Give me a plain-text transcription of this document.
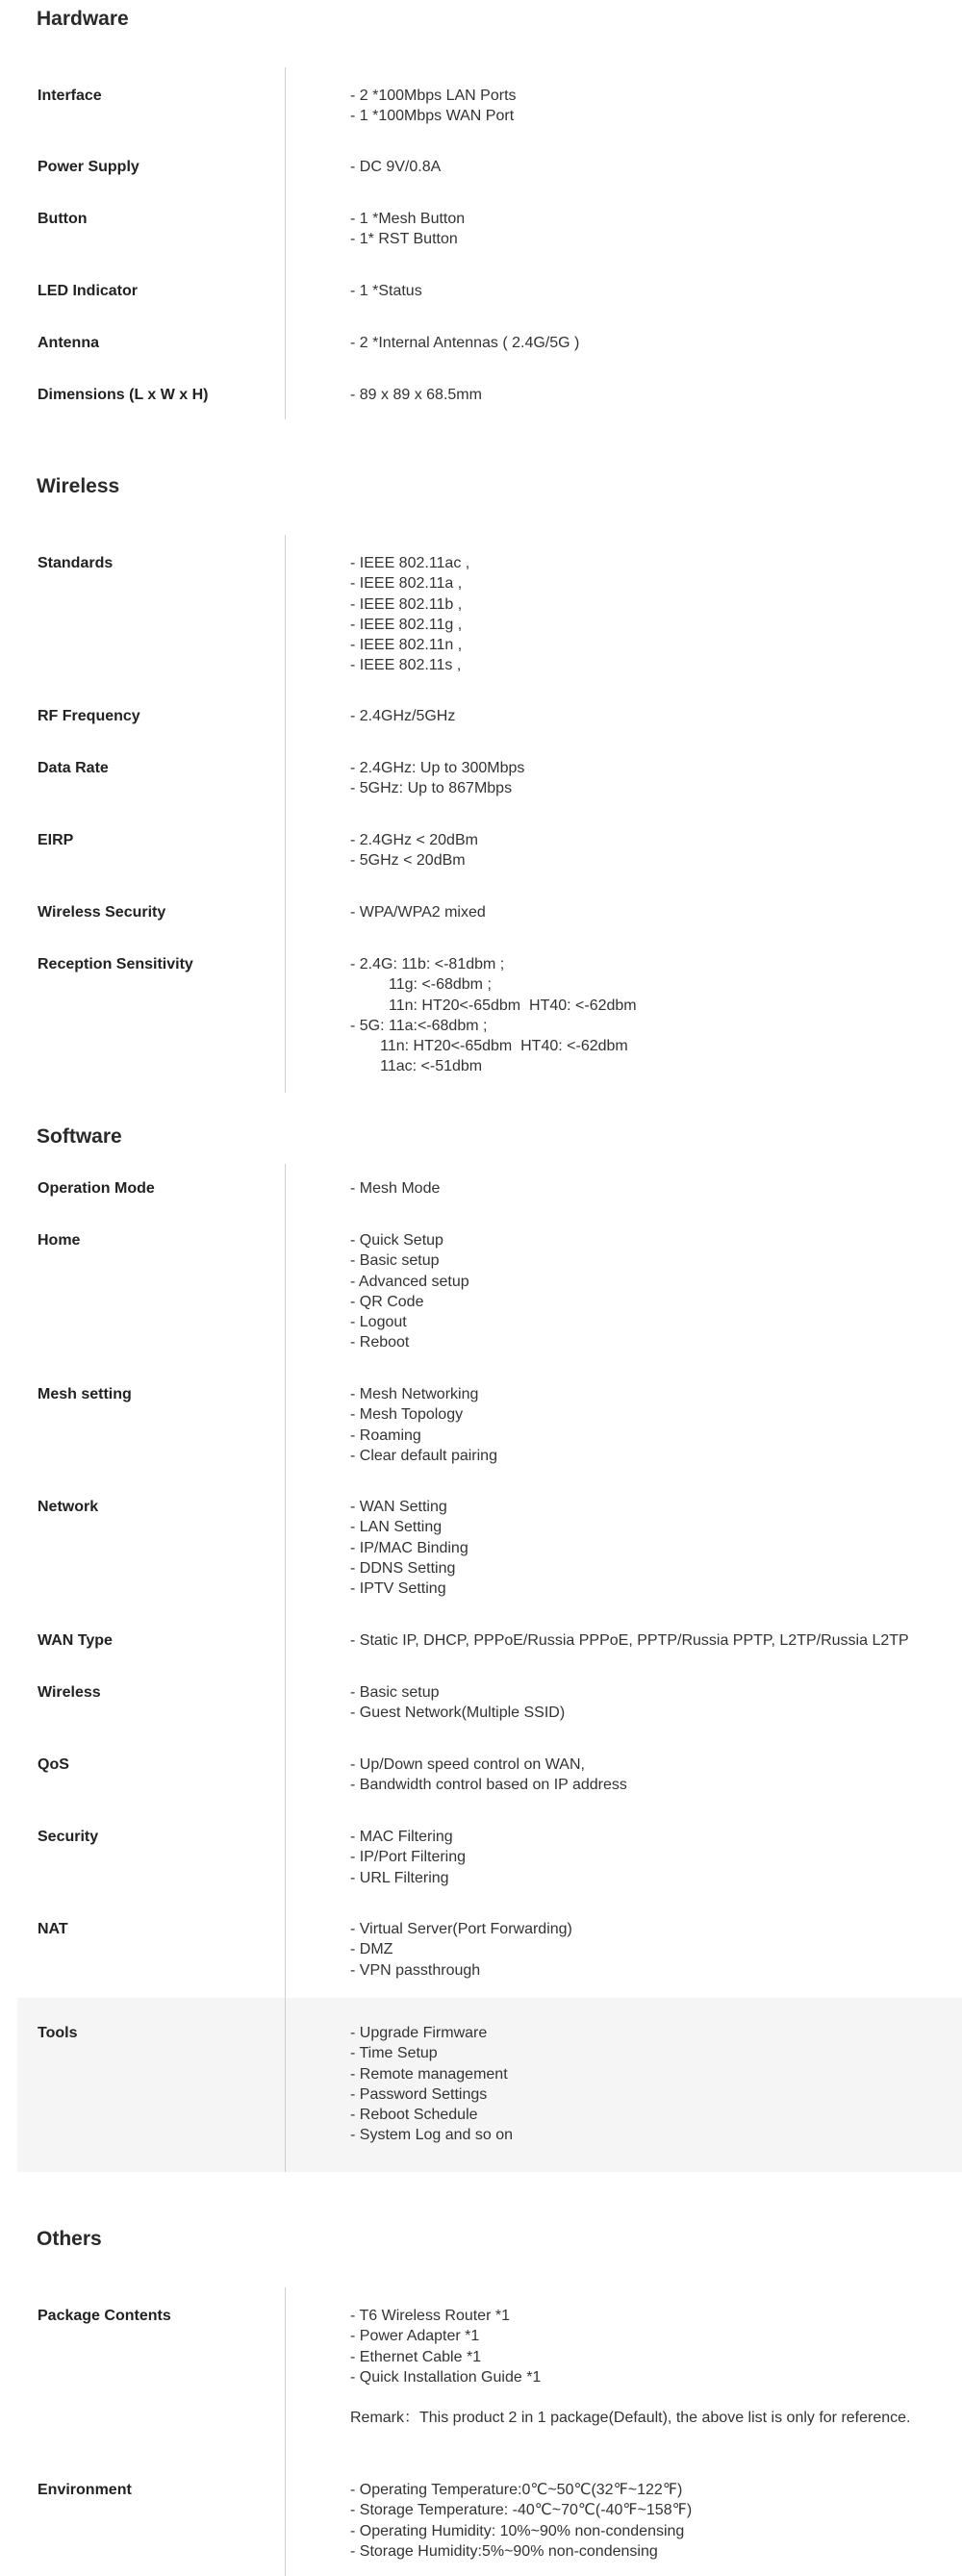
Hardware
Interface	- 2 *100Mbps LAN Ports
- 1 *100Mbps WAN Port
Power Supply	- DC 9V/0.8A
Button	- 1 *Mesh Button
- 1* RST Button
LED Indicator	- 1 *Status
Antenna	- 2 *Internal Antennas ( 2.4G/5G )
Dimensions (L x W x H)	- 89 x 89 x 68.5mm
Wireless
Standards	- IEEE 802.11ac ,
- IEEE 802.11a ,
- IEEE 802.11b ,
- IEEE 802.11g ,
- IEEE 802.11n ,
- IEEE 802.11s ,
RF Frequency	- 2.4GHz/5GHz
Data Rate	- 2.4GHz: Up to 300Mbps
- 5GHz: Up to 867Mbps
EIRP	- 2.4GHz < 20dBm
- 5GHz < 20dBm
Wireless Security	- WPA/WPA2 mixed
Reception Sensitivity	- 2.4G: 11b: <-81dbm ;
11g: <-68dbm ;
11n: HT20<-65dbm  HT40: <-62dbm
- 5G: 11a:<-68dbm ;
11n: HT20<-65dbm  HT40: <-62dbm
11ac: <-51dbm
Software
Operation Mode	- Mesh Mode
Home	- Quick Setup
- Basic setup
- Advanced setup
- QR Code
- Logout
- Reboot
Mesh setting	- Mesh Networking
- Mesh Topology
- Roaming
- Clear default pairing
Network	- WAN Setting
- LAN Setting
- IP/MAC Binding
- DDNS Setting
- IPTV Setting
WAN Type	- Static IP, DHCP, PPPoE/Russia PPPoE, PPTP/Russia PPTP, L2TP/Russia L2TP
Wireless	- Basic setup
- Guest Network(Multiple SSID)
QoS	- Up/Down speed control on WAN,
- Bandwidth control based on IP address
Security	- MAC Filtering
- IP/Port Filtering
- URL Filtering
NAT	- Virtual Server(Port Forwarding)
- DMZ
- VPN passthrough
Tools	- Upgrade Firmware
- Time Setup
- Remote management
- Password Settings
- Reboot Schedule
- System Log and so on
Others
Package Contents	- T6 Wireless Router *1
- Power Adapter *1
- Ethernet Cable *1
- Quick Installation Guide *1
Remark：This product 2 in 1 package(Default), the above list is only for reference.
Environment	- Operating Temperature:0℃~50℃(32℉~122℉)
- Storage Temperature: -40℃~70℃(-40℉~158℉)
- Operating Humidity: 10%~90% non-condensing
- Storage Humidity:5%~90% non-condensing
